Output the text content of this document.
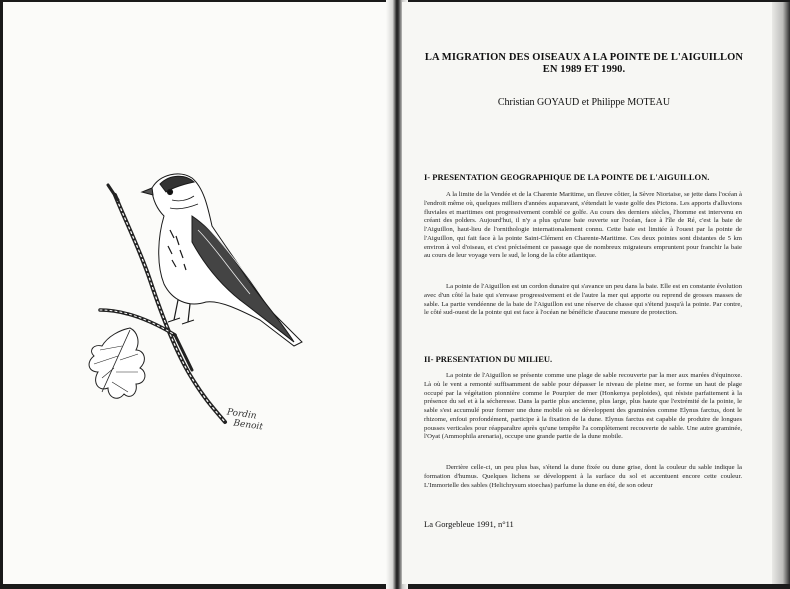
Pordin
Benoit
LA MIGRATION DES OISEAUX A LA POINTE DE L'AIGUILLON
EN 1989 ET 1990.
Christian GOYAUD et Philippe MOTEAU
I- PRESENTATION GEOGRAPHIQUE DE LA POINTE DE L'AIGUILLON.
A la limite de la Vendée et de la Charente Maritime, un fleuve côtier, la Sèvre Niortaise, se jette dans l'océan à l'endroit même où, quelques milliers d'années auparavant, s'étendait le vaste golfe des Pictons. Les apports d'alluvions fluviales et maritimes ont progressivement comblé ce golfe. Au cours des derniers siècles, l'homme est intervenu en créant des polders. Aujourd'hui, il n'y a plus qu'une baie ouverte sur l'océan, face à l'île de Ré, c'est la baie de l'Aiguillon, haut-lieu de l'ornithologie internationalement connu. Cette baie est limitée à l'ouest par la pointe de l'Aiguillon, qui fait face à la pointe Saint-Clément en Charente-Maritime. Ces deux pointes sont distantes de 5 km environ à vol d'oiseau, et c'est précisément ce passage que de nombreux migrateurs empruntent pour franchir la baie au cours de leur voyage vers le sud, le long de la côte atlantique.
La pointe de l'Aiguillon est un cordon dunaire qui s'avance un peu dans la baie. Elle est en constante évolution avec d'un côté la baie qui s'envase progressivement et de l'autre la mer qui apporte ou reprend de grosses masses de sable. La partie vendéenne de la baie de l'Aiguillon est une réserve de chasse qui s'étend jusqu'à la pointe. Par contre, le côté sud-ouest de la pointe qui est face à l'océan ne bénéficie d'aucune mesure de protection.
II- PRESENTATION DU MILIEU.
La pointe de l'Aiguillon se présente comme une plage de sable recouverte par la mer aux marées d'équinoxe. Là où le vent a remonté suffisamment de sable pour dépasser le niveau de pleine mer, se forme un haut de plage occupé par la végétation pionnière comme le Pourpier de mer (Honkenya peploides), qui résiste parfaitement à la présence du sel et à la sécheresse. Dans la partie plus ancienne, plus large, plus haute que l'extrémité de la pointe, le sable s'est accumulé pour former une dune mobile où se développent des graminées comme Elynus farctus, dont le rhizome, enfoui profondément, participe à la fixation de la dune. Elynus farctus est capable de produire de longues pousses verticales pour réapparaître après qu'une tempête l'a complètement recouverte de sable. Une autre graminée, l'Oyat (Ammophila arenaria), occupe une grande partie de la dune mobile.
Derrière celle-ci, un peu plus bas, s'étend la dune fixée ou dune grise, dont la couleur du sable indique la formation d'humus. Quelques lichens se développent à la surface du sol et accentuent encore cette couleur. L'Immortelle des sables (Helichrysum stoechas) parfume la dune en été, de son odeur
La Gorgebleue 1991, n°11
